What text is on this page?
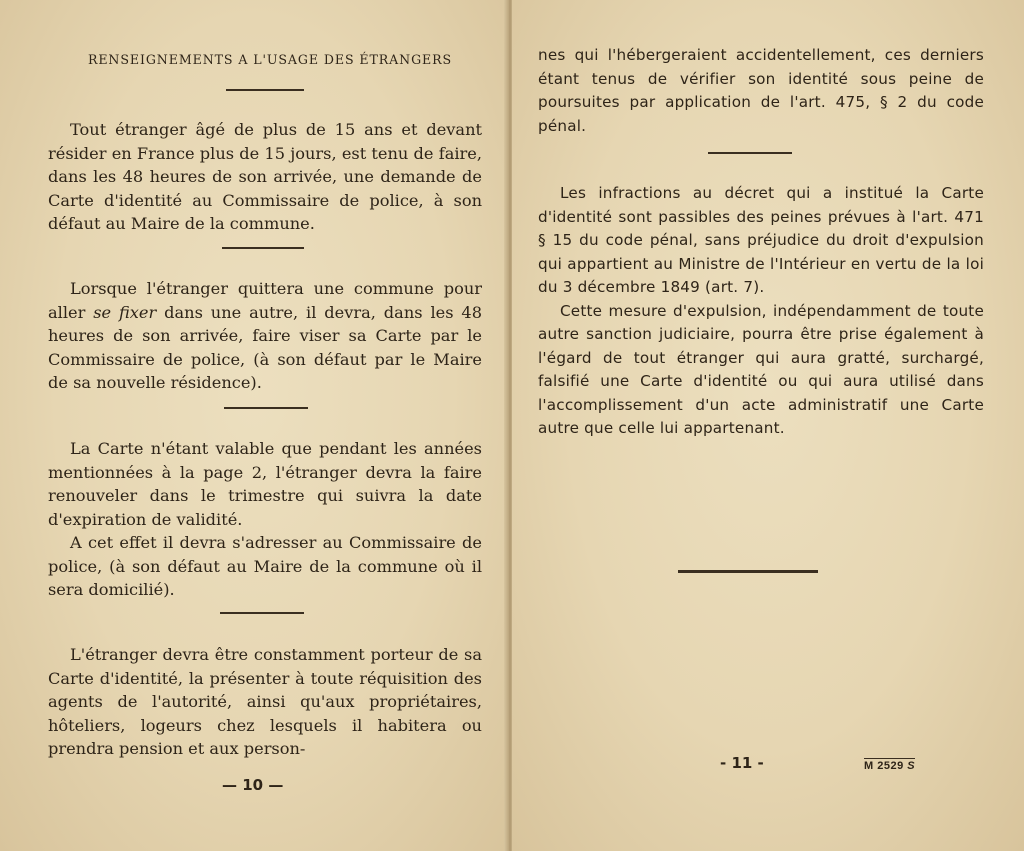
RENSEIGNEMENTS A L'USAGE DES ÉTRANGERS

Tout étranger âgé de plus de 15 ans et devant résider en France plus de 15 jours, est tenu de faire, dans les 48 heures de son arrivée, une demande de Carte d'identité au Commissaire de police, à son défaut au Maire de la commune.

Lorsque l'étranger quittera une commune pour aller se fixer dans une autre, il devra, dans les 48 heures de son arrivée, faire viser sa Carte par le Commissaire de police, (à son défaut par le Maire de sa nouvelle résidence).

La Carte n'étant valable que pendant les années mentionnées à la page 2, l'étranger devra la faire renouveler dans le trimestre qui suivra la date d'expiration de validité.

A cet effet il devra s'adresser au Commissaire de police, (à son défaut au Maire de la commune où il sera domicilié).

L'étranger devra être constamment porteur de sa Carte d'identité, la présenter à toute réquisition des agents de l'autorité, ainsi qu'aux propriétaires, hôteliers, logeurs chez lesquels il habitera ou prendra pension et aux person-

— 10 —

nes qui l'hébergeraient accidentellement, ces derniers étant tenus de vérifier son identité sous peine de poursuites par application de l'art. 475, § 2 du code pénal.

Les infractions au décret qui a institué la Carte d'identité sont passibles des peines prévues à l'art. 471 § 15 du code pénal, sans préjudice du droit d'expulsion qui appartient au Ministre de l'Intérieur en vertu de la loi du 3 décembre 1849 (art. 7).

Cette mesure d'expulsion, indépendamment de toute autre sanction judiciaire, pourra être prise également à l'égard de tout étranger qui aura gratté, surchargé, falsifié une Carte d'identité ou qui aura utilisé dans l'accomplissement d'un acte administratif une Carte autre que celle lui appartenant.

- 11 -	M 2529 S
